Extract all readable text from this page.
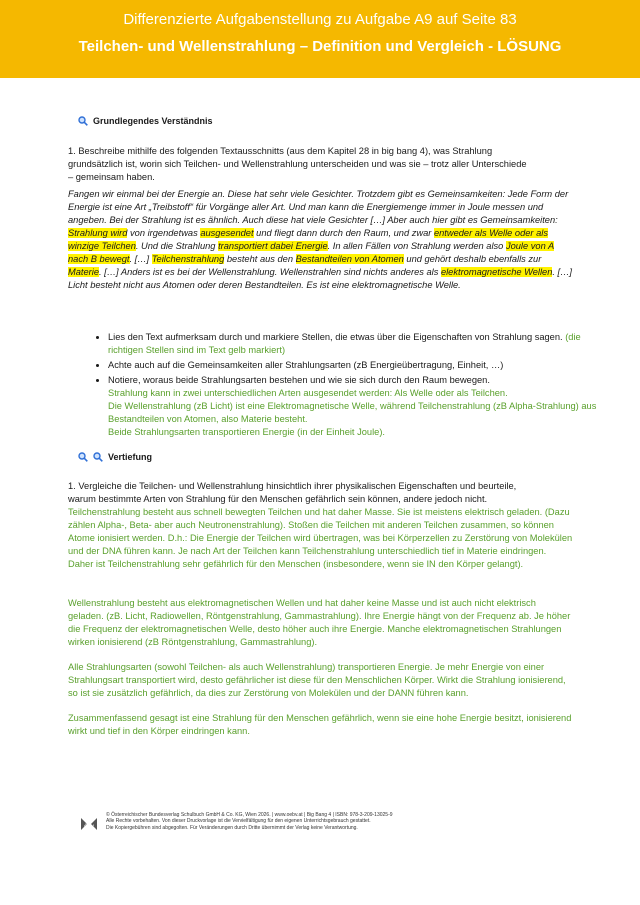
Differenzierte Aufgabenstellung zu Aufgabe A9 auf Seite 83
Teilchen- und Wellenstrahlung – Definition und Vergleich - LÖSUNG
Grundlegendes Verständnis
1. Beschreibe mithilfe des folgenden Textausschnitts (aus dem Kapitel 28 in big bang 4), was Strahlung
grundsätzlich ist, worin sich Teilchen- und Wellenstrahlung unterscheiden und was sie – trotz aller Unterschiede
– gemeinsam haben.
Fangen wir einmal bei der Energie an. Diese hat sehr viele Gesichter. Trotzdem gibt es Gemeinsamkeiten: Jede Form der Energie ist eine Art „Treibstoff“ für Vorgänge aller Art. Und man kann die Energiemenge immer in Joule messen und angeben. Bei der Strahlung ist es ähnlich. Auch diese hat viele Gesichter […] Aber auch hier gibt es Gemeinsamkeiten: Strahlung wird von irgendetwas ausgesendet und fliegt dann durch den Raum, und zwar entweder als Welle oder als winzige Teilchen. Und die Strahlung transportiert dabei Energie. In allen Fällen von Strahlung werden also Joule von A nach B bewegt. […] Teilchenstrahlung besteht aus den Bestandteilen von Atomen und gehört deshalb ebenfalls zur Materie. […] Anders ist es bei der Wellenstrahlung. Wellenstrahlen sind nichts anderes als elektromagnetische Wellen. […] Licht besteht nicht aus Atomen oder deren Bestandteilen. Es ist eine elektromagnetische Welle.
• Lies den Text aufmerksam durch und markiere Stellen, die etwas über die Eigenschaften von Strahlung sagen. (die richtigen Stellen sind im Text gelb markiert)
• Achte auch auf die Gemeinsamkeiten aller Strahlungsarten (zB Energieübertragung, Einheit, …)
• Notiere, woraus beide Strahlungsarten bestehen und wie sie sich durch den Raum bewegen.
Strahlung kann in zwei unterschiedlichen Arten ausgesendet werden: Als Welle oder als Teilchen.
Die Wellenstrahlung (zB Licht) ist eine Elektromagnetische Welle, während Teilchenstrahlung (zB Alpha-Strahlung) aus Bestandteilen von Atomen, also Materie besteht.
Beide Strahlungsarten transportieren Energie (in der Einheit Joule).
Vertiefung
1. Vergleiche die Teilchen- und Wellenstrahlung hinsichtlich ihrer physikalischen Eigenschaften und beurteile,
warum bestimmte Arten von Strahlung für den Menschen gefährlich sein können, andere jedoch nicht.
Teilchenstrahlung besteht aus schnell bewegten Teilchen und hat daher Masse. Sie ist meistens elektrisch geladen. (Dazu zählen Alpha-, Beta- aber auch Neutronenstrahlung). Stoßen die Teilchen mit anderen Teilchen zusammen, so können Atome ionisiert werden. D.h.: Die Energie der Teilchen wird übertragen, was bei Körperzellen zu Zerstörung von Molekülen und der DNA führen kann. Je nach Art der Teilchen kann Teilchenstrahlung unterschiedlich tief in Materie eindringen. Daher ist Teilchenstrahlung sehr gefährlich für den Menschen (insbesondere, wenn sie IN den Körper gelangt).
Wellenstrahlung besteht aus elektromagnetischen Wellen und hat daher keine Masse und ist auch nicht elektrisch geladen. (zB. Licht, Radiowellen, Röntgenstrahlung, Gammastrahlung). Ihre Energie hängt von der Frequenz ab. Je höher die Frequenz der elektromagnetischen Welle, desto höher auch ihre Energie. Manche elektromagnetischen Strahlungen wirken ionisierend (zB Röntgenstrahlung, Gammastrahlung).
Alle Strahlungsarten (sowohl Teilchen- als auch Wellenstrahlung) transportieren Energie. Je mehr Energie von einer Strahlungsart transportiert wird, desto gefährlicher ist diese für den Menschlichen Körper. Wirkt die Strahlung ionisierend, so ist sie zusätzlich gefährlich, da dies zur Zerstörung von Molekülen und der DANN führen kann.
Zusammenfassend gesagt ist eine Strahlung für den Menschen gefährlich, wenn sie eine hohe Energie besitzt, ionisierend wirkt und tief in den Körper eindringen kann.
öbv
© Österreichischer Bundesverlag Schulbuch GmbH & Co. KG, Wien 2026. | www.oebv.at | Big Bang 4 | ISBN: 978-3-209-13025-9
Alle Rechte vorbehalten. Von dieser Druckvorlage ist die Vervielfältigung für den eigenen Unterrichtsgebrauch gestattet.
Die Kopiergebühren sind abgegolten. Für Veränderungen durch Dritte übernimmt der Verlag keine Verantwortung.
